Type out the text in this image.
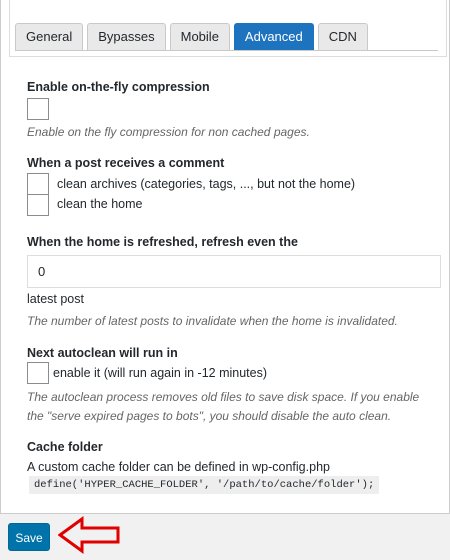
General	Bypasses	Mobile	Advanced	CDN
Enable on-the-fly compression
Enable on the fly compression for non cached pages.
When a post receives a comment
clean archives (categories, tags, ..., but not the home)
clean the home
When the home is refreshed, refresh even the
0
latest post
The number of latest posts to invalidate when the home is invalidated.
Next autoclean will run in
enable it (will run again in -12 minutes)
The autoclean process removes old files to save disk space. If you enable
the "serve expired pages to bots", you should disable the auto clean.
Cache folder
A custom cache folder can be defined in wp-config.php
define('HYPER_CACHE_FOLDER', '/path/to/cache/folder');
Save
